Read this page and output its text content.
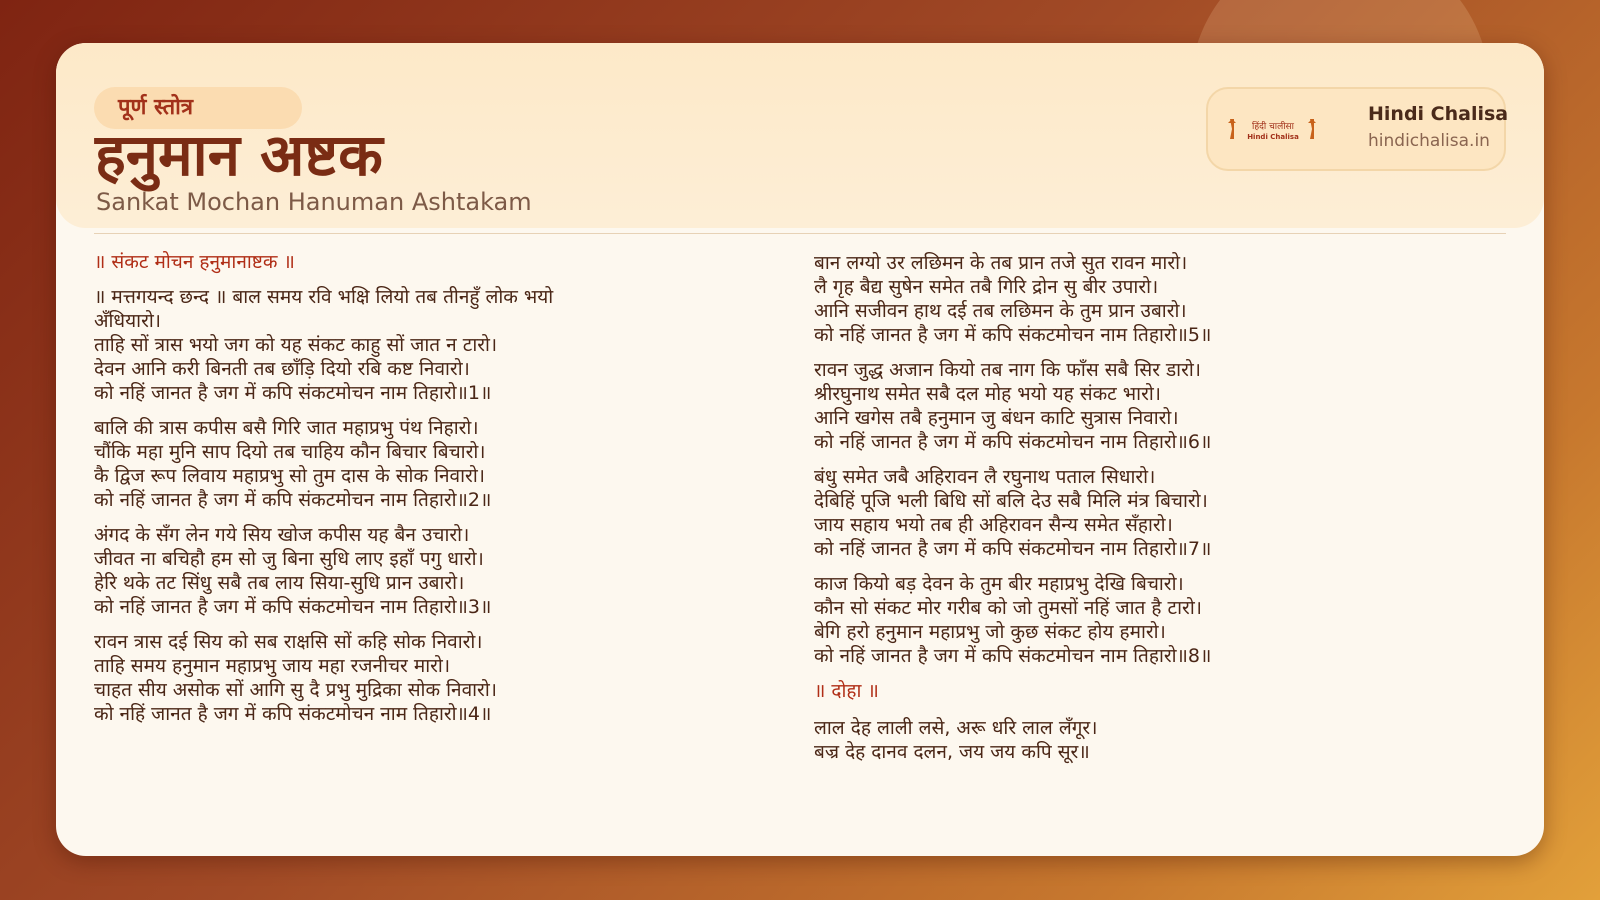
पूर्ण स्तोत्र
हनुमान अष्टक
Sankat Mochan Hanuman Ashtakam
हिंदी चालीसा
Hindi Chalisa
Hindi Chalisa
hindichalisa.in
॥ संकट मोचन हनुमानाष्टक ॥
॥ मत्तगयन्द छन्द ॥ बाल समय रवि भक्षि लियो तब तीनहुँ लोक भयो अँधियारो।
ताहि सों त्रास भयो जग को यह संकट काहु सों जात न टारो।
देवन आनि करी बिनती तब छाँड़ि दियो रबि कष्ट निवारो।
को नहिं जानत है जग में कपि संकटमोचन नाम तिहारो॥1॥
बालि की त्रास कपीस बसै गिरि जात महाप्रभु पंथ निहारो।
चौंकि महा मुनि साप दियो तब चाहिय कौन बिचार बिचारो।
कै द्विज रूप लिवाय महाप्रभु सो तुम दास के सोक निवारो।
को नहिं जानत है जग में कपि संकटमोचन नाम तिहारो॥2॥
अंगद के सँग लेन गये सिय खोज कपीस यह बैन उचारो।
जीवत ना बचिहौ हम सो जु बिना सुधि लाए इहाँ पगु धारो।
हेरि थके तट सिंधु सबै तब लाय सिया-सुधि प्रान उबारो।
को नहिं जानत है जग में कपि संकटमोचन नाम तिहारो॥3॥
रावन त्रास दई सिय को सब राक्षसि सों कहि सोक निवारो।
ताहि समय हनुमान महाप्रभु जाय महा रजनीचर मारो।
चाहत सीय असोक सों आगि सु दै प्रभु मुद्रिका सोक निवारो।
को नहिं जानत है जग में कपि संकटमोचन नाम तिहारो॥4॥
बान लग्यो उर लछिमन के तब प्रान तजे सुत रावन मारो।
लै गृह बैद्य सुषेन समेत तबै गिरि द्रोन सु बीर उपारो।
आनि सजीवन हाथ दई तब लछिमन के तुम प्रान उबारो।
को नहिं जानत है जग में कपि संकटमोचन नाम तिहारो॥5॥
रावन जुद्ध अजान कियो तब नाग कि फाँस सबै सिर डारो।
श्रीरघुनाथ समेत सबै दल मोह भयो यह संकट भारो।
आनि खगेस तबै हनुमान जु बंधन काटि सुत्रास निवारो।
को नहिं जानत है जग में कपि संकटमोचन नाम तिहारो॥6॥
बंधु समेत जबै अहिरावन लै रघुनाथ पताल सिधारो।
देबिहिं पूजि भली बिधि सों बलि देउ सबै मिलि मंत्र बिचारो।
जाय सहाय भयो तब ही अहिरावन सैन्य समेत सँहारो।
को नहिं जानत है जग में कपि संकटमोचन नाम तिहारो॥7॥
काज कियो बड़ देवन के तुम बीर महाप्रभु देखि बिचारो।
कौन सो संकट मोर गरीब को जो तुमसों नहिं जात है टारो।
बेगि हरो हनुमान महाप्रभु जो कुछ संकट होय हमारो।
को नहिं जानत है जग में कपि संकटमोचन नाम तिहारो॥8॥
॥ दोहा ॥
लाल देह लाली लसे, अरू धरि लाल लँगूर।
बज्र देह दानव दलन, जय जय कपि सूर॥
